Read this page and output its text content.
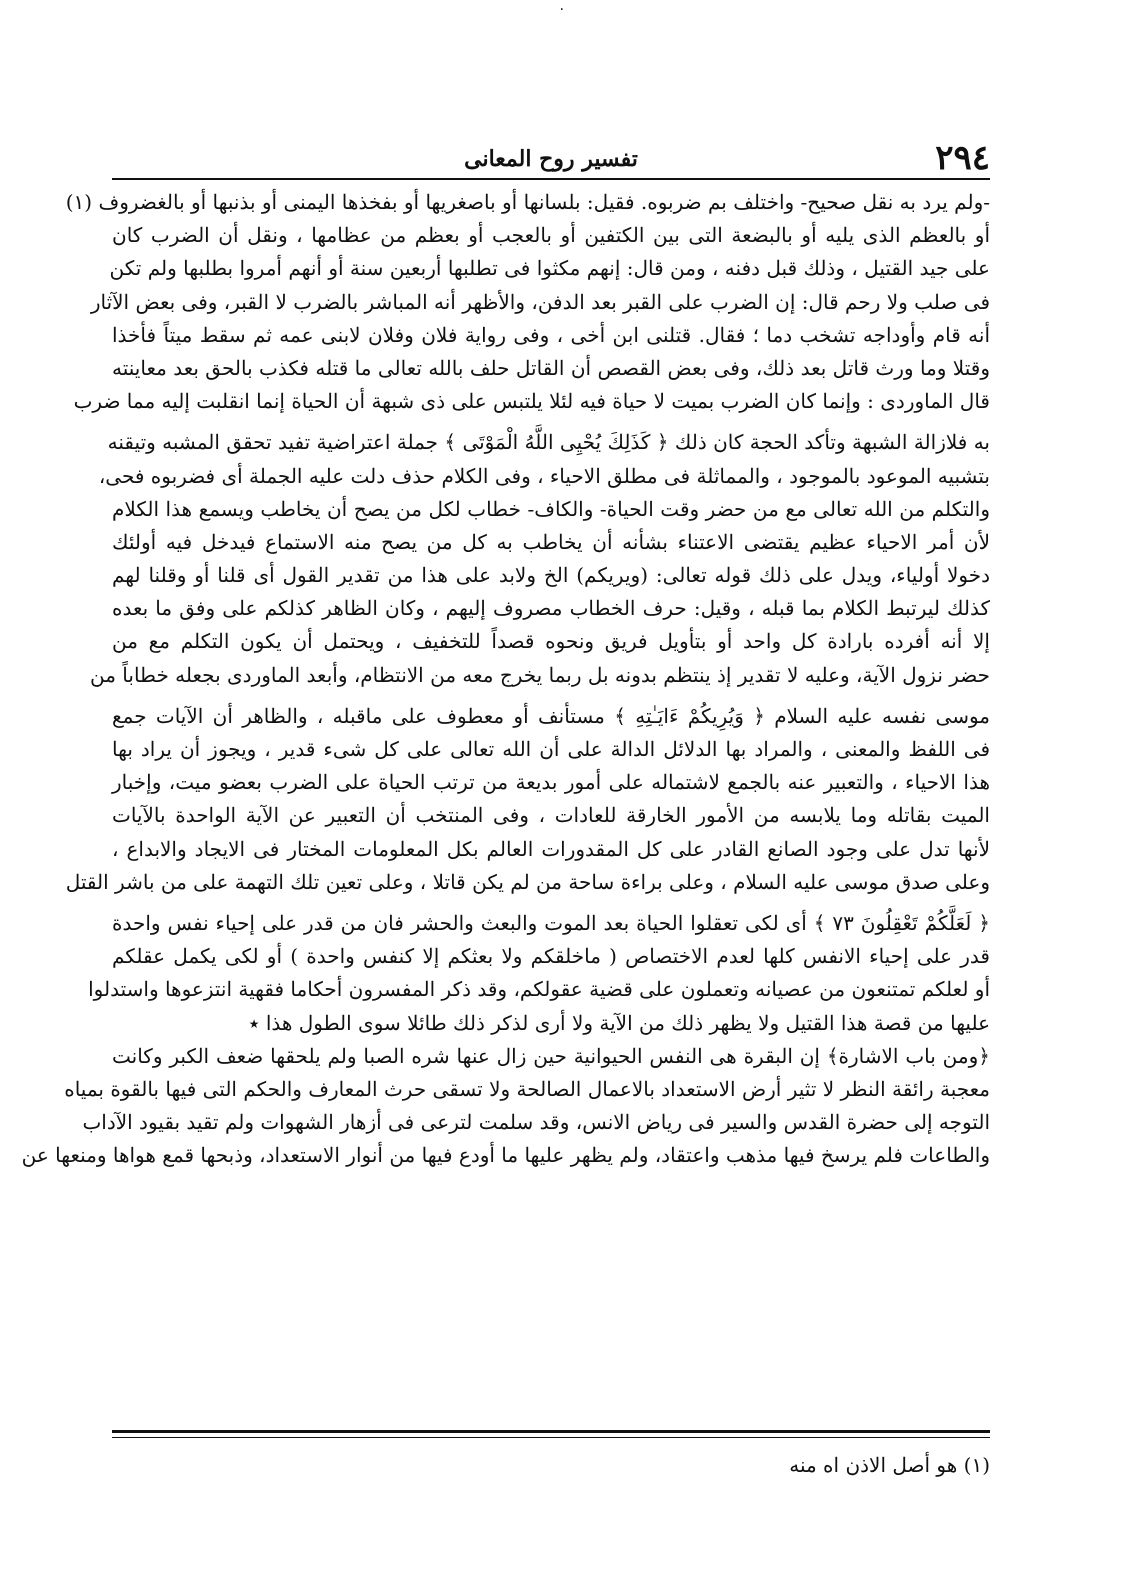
٠
٢٩٤
تفسير روح المعانى
-ولم يرد به نقل صحيح- واختلف بم ضربوه. فقيل: بلسانها أو باصغريها أو بفخذها اليمنى أو بذنبها أو بالغضروف (١)
أو بالعظم الذى يليه أو بالبضعة التى بين الكتفين أو بالعجب أو بعظم من عظامها ، ونقل أن الضرب كان
على جيد القتيل ، وذلك قبل دفنه ، ومن قال: إنهم مكثوا فى تطلبها أربعين سنة أو أنهم أمروا بطلبها ولم تكن
فى صلب ولا رحم قال: إن الضرب على القبر بعد الدفن، والأظهر أنه المباشر بالضرب لا القبر، وفى بعض الآثار
أنه قام وأوداجه تشخب دما ؛ فقال. قتلنى ابن أخى ، وفى رواية فلان وفلان لابنى عمه ثم سقط ميتاً فأخذا
وقتلا وما ورث قاتل بعد ذلك، وفى بعض القصص أن القاتل حلف بالله تعالى ما قتله فكذب بالحق بعد معاينته
قال الماوردى : وإنما كان الضرب بميت لا حياة فيه لئلا يلتبس على ذى شبهة أن الحياة إنما انقلبت إليه مما ضرب
به فلازالة الشبهة وتأكد الحجة كان ذلك ﴿ كَذَلِكَ يُحْيِى اللَّهُ الْمَوْتَى ﴾ جملة اعتراضية تفيد تحقق المشبه وتيقنه
بتشبيه الموعود بالموجود ، والمماثلة فى مطلق الاحياء ، وفى الكلام حذف دلت عليه الجملة أى فضربوه فحى،
والتكلم من الله تعالى مع من حضر وقت الحياة- والكاف- خطاب لكل من يصح أن يخاطب ويسمع هذا الكلام
لأن أمر الاحياء عظيم يقتضى الاعتناء بشأنه أن يخاطب به كل من يصح منه الاستماع فيدخل فيه أولئك
دخولا أولياء، ويدل على ذلك قوله تعالى: (ويريكم) الخ ولابد على هذا من تقدير القول أى قلنا أو وقلنا لهم
كذلك ليرتبط الكلام بما قبله ، وقيل: حرف الخطاب مصروف إليهم ، وكان الظاهر كذلكم على وفق ما بعده
إلا أنه أفرده بارادة كل واحد أو بتأويل فريق ونحوه قصداً للتخفيف ، ويحتمل أن يكون التكلم مع من
حضر نزول الآية، وعليه لا تقدير إذ ينتظم بدونه بل ربما يخرج معه من الانتظام، وأبعد الماوردى بجعله خطاباً من
موسى نفسه عليه السلام ﴿ وَيُرِيكُمْ ءَايَـٰتِهِ ﴾ مستأنف أو معطوف على ماقبله ، والظاهر أن الآيات جمع
فى اللفظ والمعنى ، والمراد بها الدلائل الدالة على أن الله تعالى على كل شىء قدير ، ويجوز أن يراد بها
هذا الاحياء ، والتعبير عنه بالجمع لاشتماله على أمور بديعة من ترتب الحياة على الضرب بعضو ميت، وإخبار
الميت بقاتله وما يلابسه من الأمور الخارقة للعادات ، وفى المنتخب أن التعبير عن الآية الواحدة بالآيات
لأنها تدل على وجود الصانع القادر على كل المقدورات العالم بكل المعلومات المختار فى الايجاد والابداع ،
وعلى صدق موسى عليه السلام ، وعلى براءة ساحة من لم يكن قاتلا ، وعلى تعين تلك التهمة على من باشر القتل
﴿ لَعَلَّكُمْ تَعْقِلُونَ ٧٣ ﴾ أى لكى تعقلوا الحياة بعد الموت والبعث والحشر فان من قدر على إحياء نفس واحدة
قدر على إحياء الانفس كلها لعدم الاختصاص ( ماخلقكم ولا بعثكم إلا كنفس واحدة ) أو لكى يكمل عقلكم
أو لعلكم تمتنعون من عصيانه وتعملون على قضية عقولكم، وقد ذكر المفسرون أحكاما فقهية انتزعوها واستدلوا
عليها من قصة هذا القتيل ولا يظهر ذلك من الآية ولا أرى لذكر ذلك طائلا سوى الطول هذا ٭
﴿ومن باب الاشارة﴾ إن البقرة هى النفس الحيوانية حين زال عنها شره الصبا ولم يلحقها ضعف الكبر وكانت
معجبة رائقة النظر لا تثير أرض الاستعداد بالاعمال الصالحة ولا تسقى حرث المعارف والحكم التى فيها بالقوة بمياه
التوجه إلى حضرة القدس والسير فى رياض الانس، وقد سلمت لترعى فى أزهار الشهوات ولم تقيد بقيود الآداب
والطاعات فلم يرسخ فيها مذهب واعتقاد، ولم يظهر عليها ما أودع فيها من أنوار الاستعداد، وذبحها قمع هواها ومنعها عن
(١) هو أصل الاذن اه منه
